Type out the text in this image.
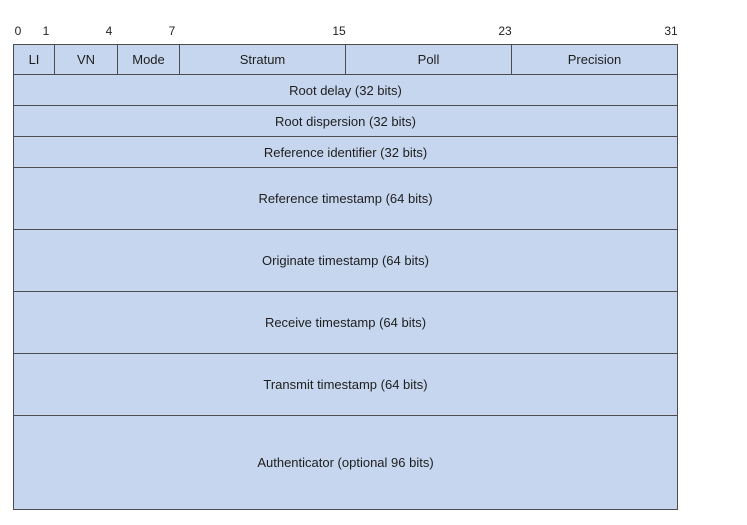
0 1	4	7	15	23	31
LI	VN	Mode	Stratum	Poll	Precision
Root delay (32 bits)
Root dispersion (32 bits)
Reference identifier (32 bits)
Reference timestamp (64 bits)
Originate timestamp (64 bits)
Receive timestamp (64 bits)
Transmit timestamp (64 bits)
Authenticator (optional 96 bits)
